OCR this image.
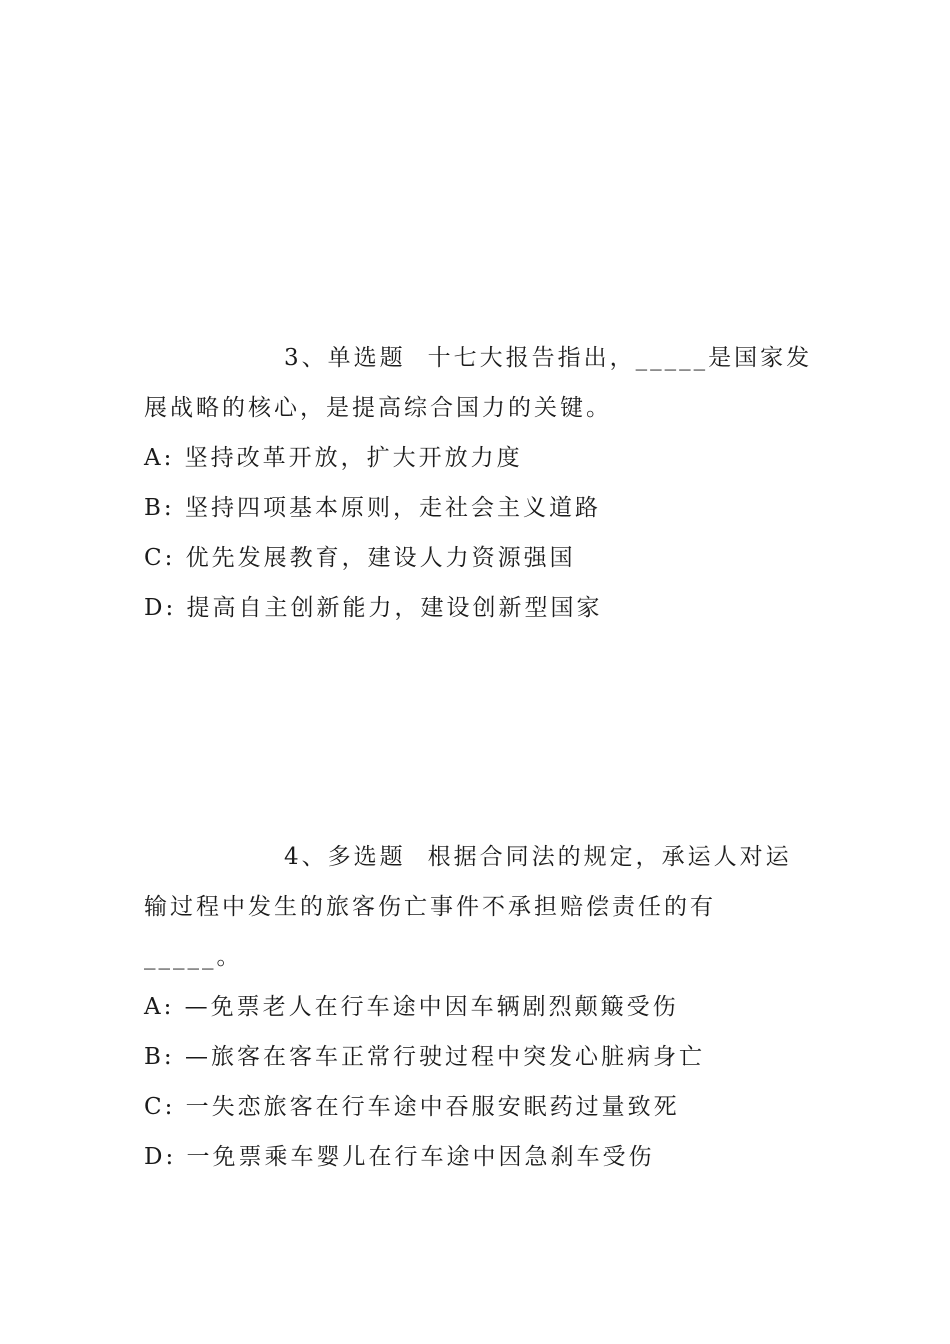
3、单选题 十七大报告指出，_____是国家发展战略的核心，是提高综合国力的关键。

A: 坚持改革开放，扩大开放力度

B: 坚持四项基本原则，走社会主义道路

C: 优先发展教育，建设人力资源强国

D: 提高自主创新能力，建设创新型国家

4、多选题 根据合同法的规定，承运人对运输过程中发生的旅客伤亡事件不承担赔偿责任的有_____。

A: —免票老人在行车途中因车辆剧烈颠簸受伤

B: —旅客在客车正常行驶过程中突发心脏病身亡

C: 一失恋旅客在行车途中吞服安眠药过量致死

D: 一免票乘车婴儿在行车途中因急刹车受伤
